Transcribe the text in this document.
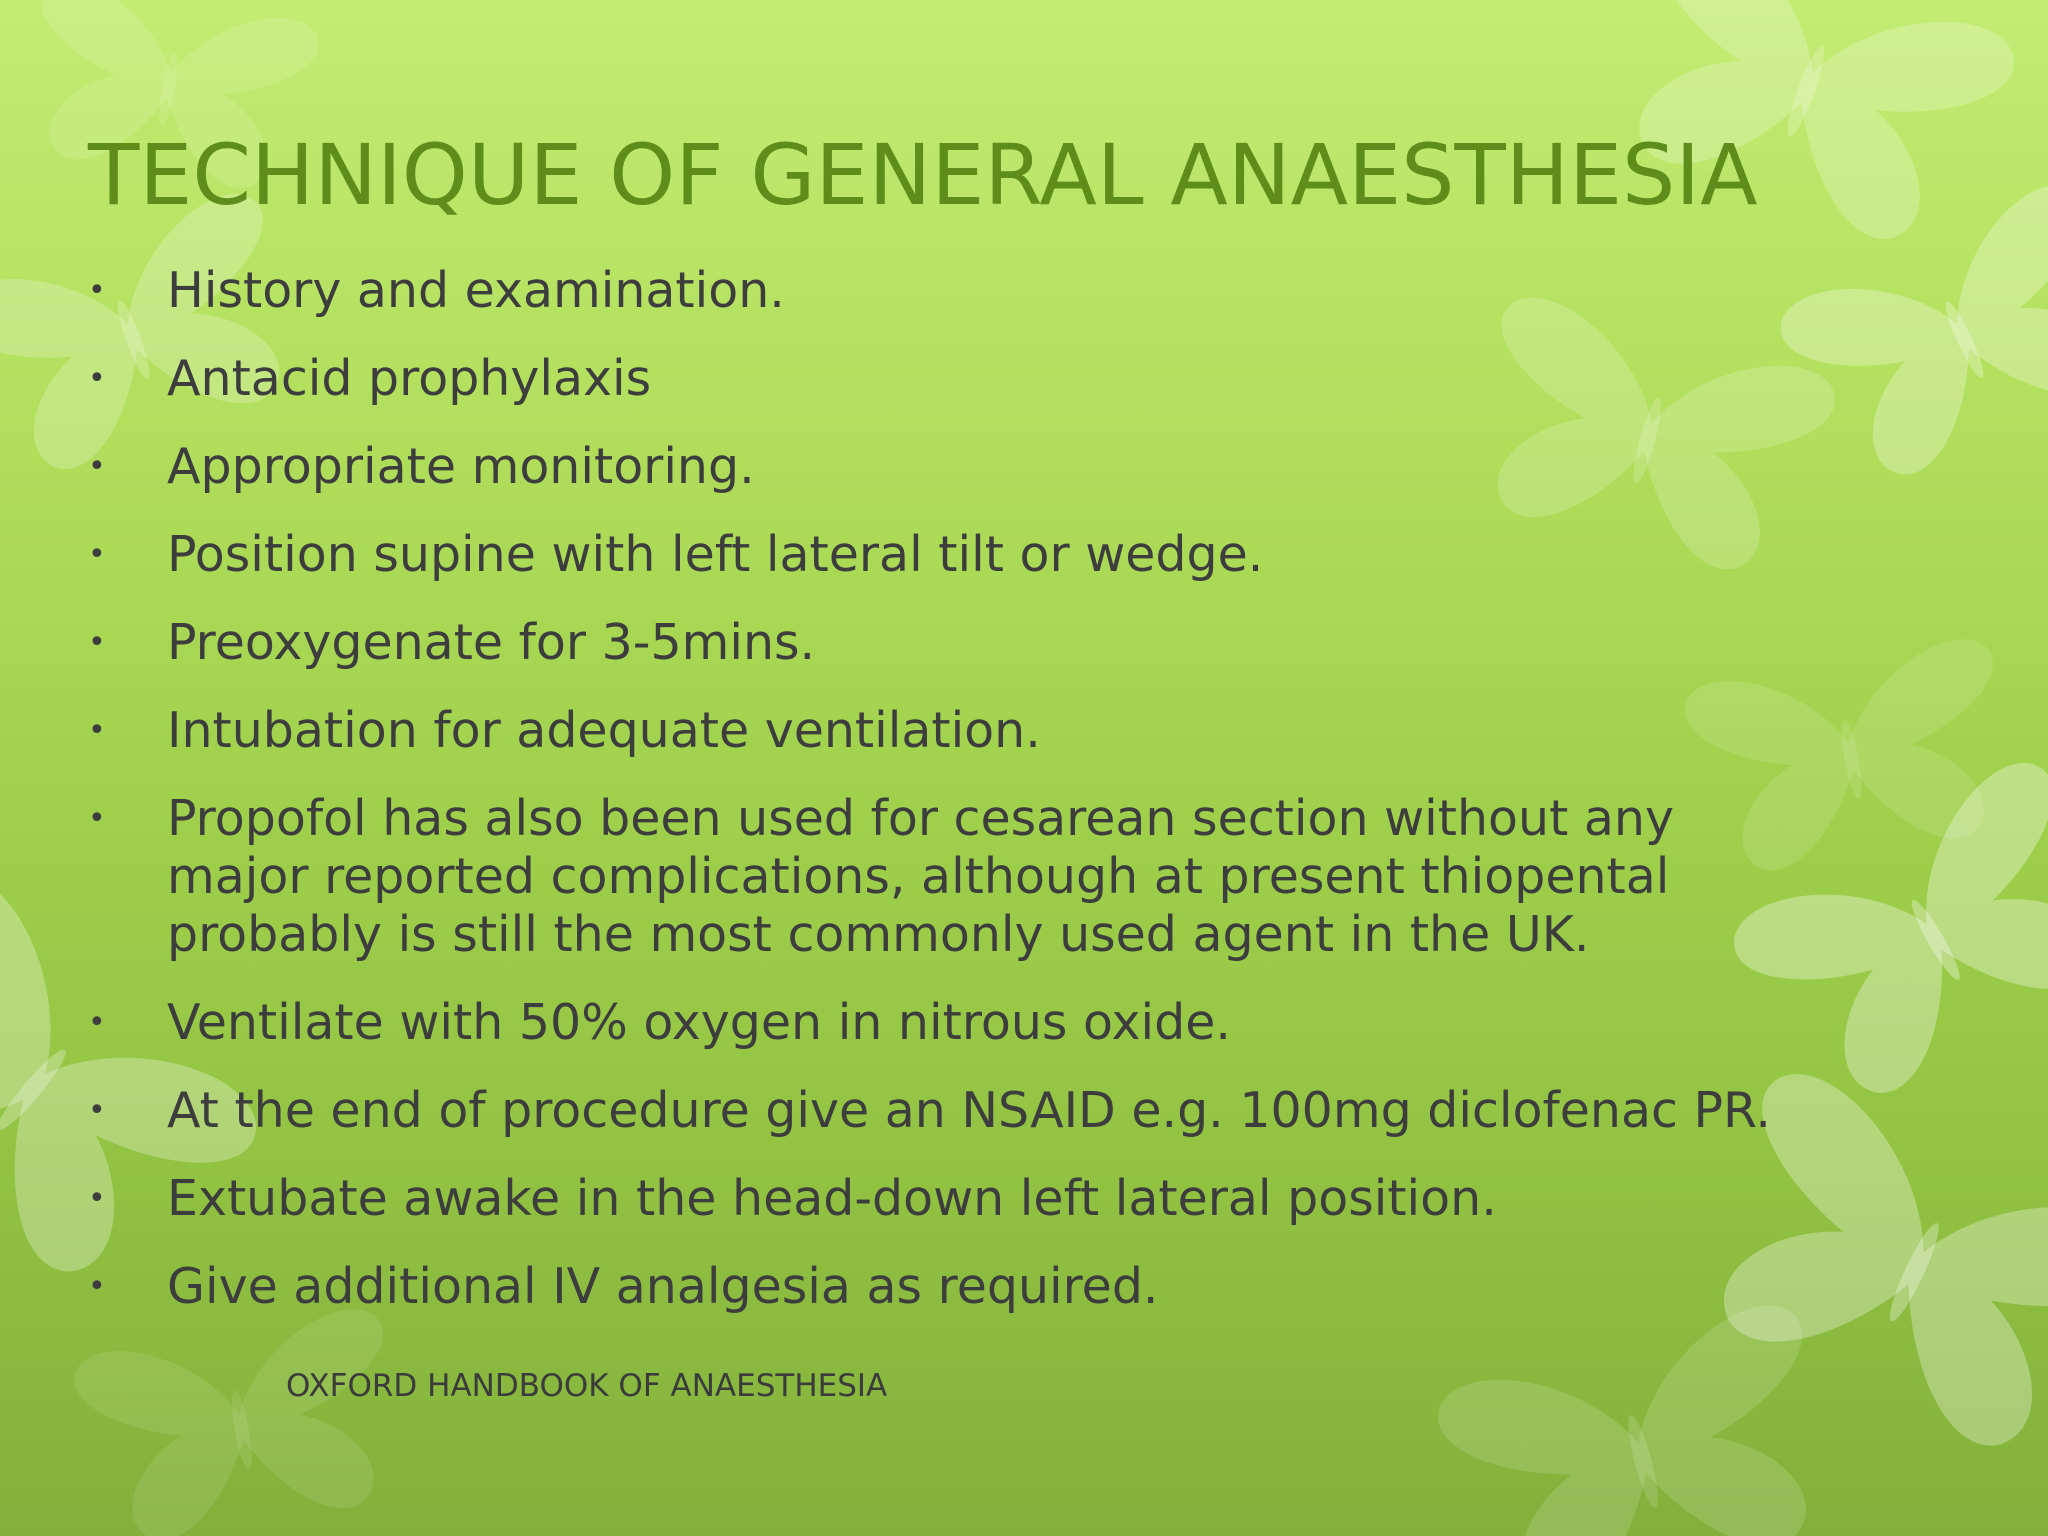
TECHNIQUE OF GENERAL ANAESTHESIA
• History and examination.
• Antacid prophylaxis
• Appropriate monitoring.
• Position supine with left lateral tilt or wedge.
• Preoxygenate for 3-5mins.
• Intubation for adequate ventilation.
• Propofol has also been used for cesarean section without any
major reported complications, although at present thiopental
probably is still the most commonly used agent in the UK.
• Ventilate with 50% oxygen in nitrous oxide.
• At the end of procedure give an NSAID e.g. 100mg diclofenac PR.
• Extubate awake in the head-down left lateral position.
• Give additional IV analgesia as required.
OXFORD HANDBOOK OF ANAESTHESIA
